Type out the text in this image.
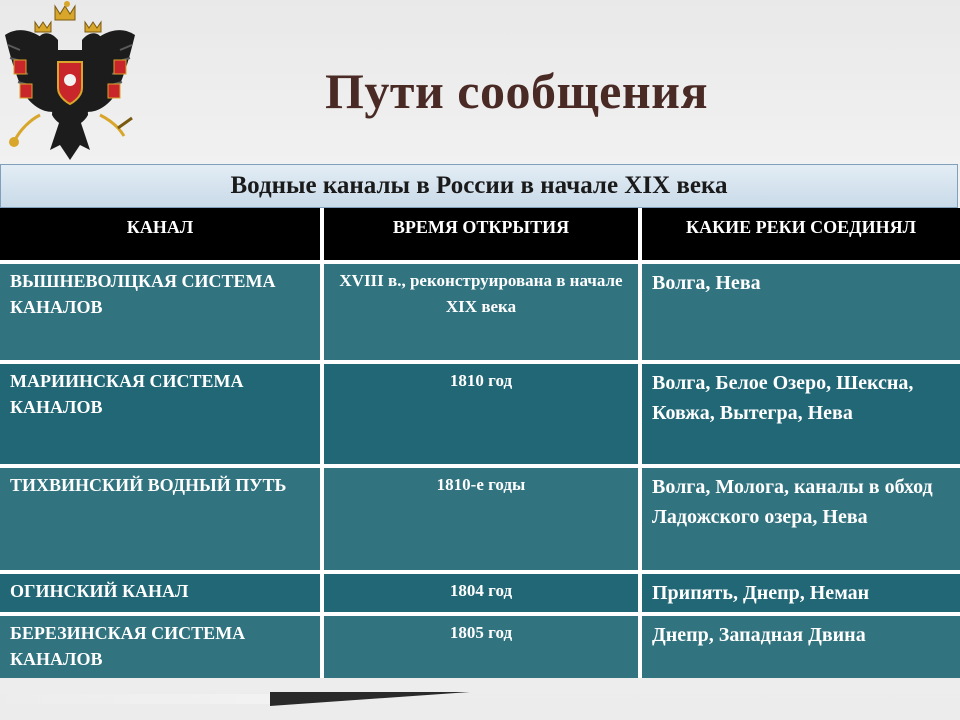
Пути сообщения
Водные каналы в России в начале XIX века
КАНАЛ	ВРЕМЯ ОТКРЫТИЯ	КАКИЕ РЕКИ СОЕДИНЯЛ
ВЫШНЕВОЛЦКАЯ СИСТЕМА КАНАЛОВ	XVIII в., реконструирована в начале XIX века	Волга, Нева
МАРИИНСКАЯ СИСТЕМА КАНАЛОВ	1810 год	Волга, Белое Озеро, Шексна, Ковжа, Вытегра, Нева
ТИХВИНСКИЙ ВОДНЫЙ ПУТЬ	1810-е годы	Волга, Молога, каналы в обход Ладожского озера, Нева
ОГИНСКИЙ КАНАЛ	1804 год	Припять, Днепр, Неман
БЕРЕЗИНСКАЯ СИСТЕМА КАНАЛОВ	1805 год	Днепр, Западная Двина
